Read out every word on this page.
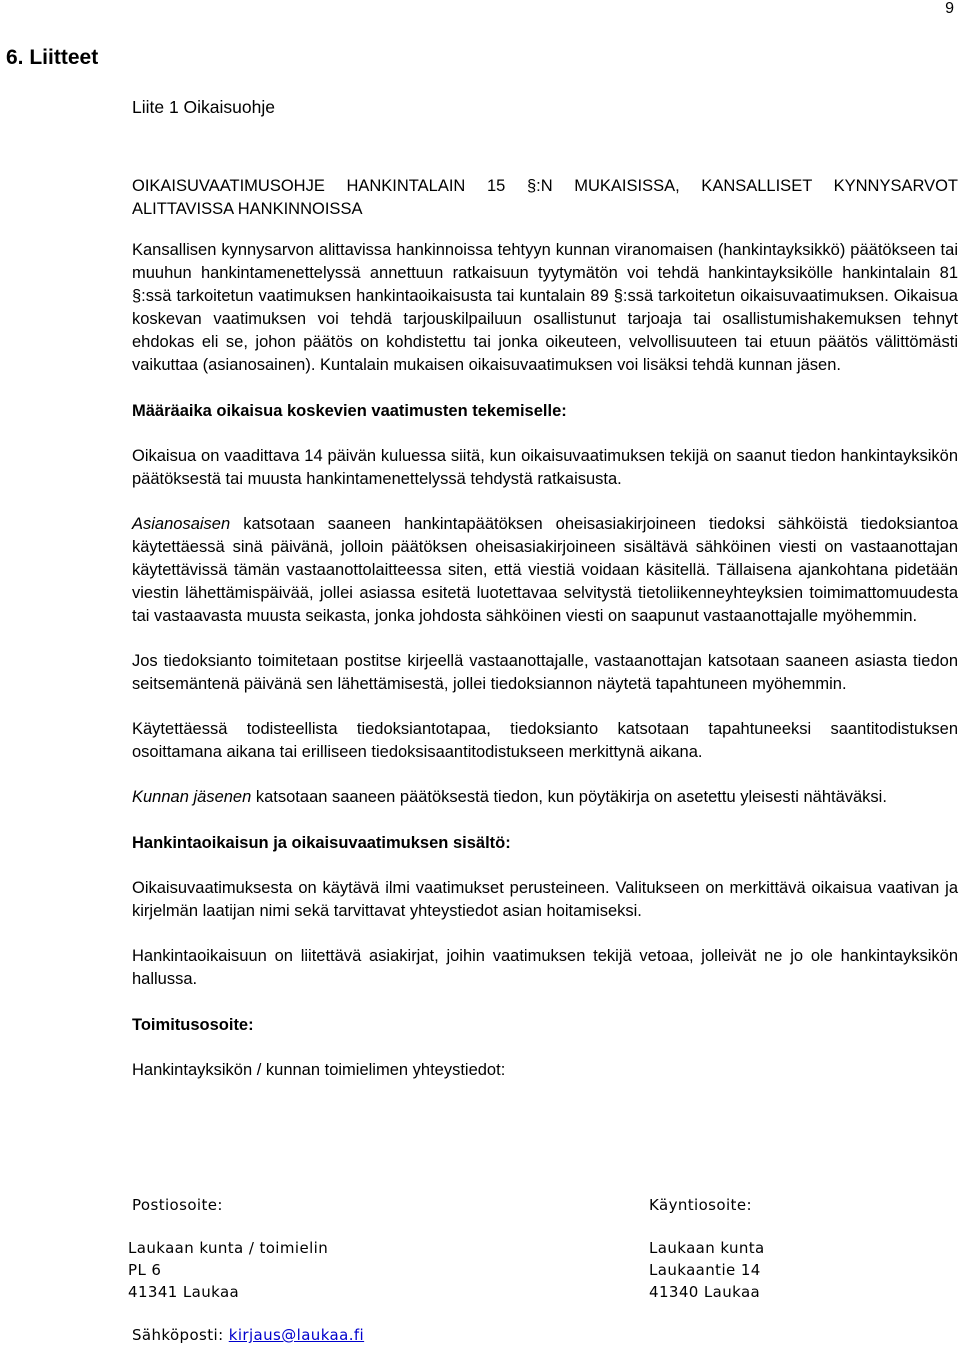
9
6. Liitteet

Liite 1 Oikaisuohje

OIKAISUVAATIMUSOHJE HANKINTALAIN 15 §:N MUKAISISSA, KANSALLISET KYNNYSARVOT ALITTAVISSA HANKINNOISSA

Kansallisen kynnysarvon alittavissa hankinnoissa tehtyyn kunnan viranomaisen (hankintayksikkö) päätökseen tai muuhun hankintamenettelyssä annettuun ratkaisuun tyytymätön voi tehdä hankintayksikölle hankintalain 81 §:ssä tarkoitetun vaatimuksen hankintaoikaisusta tai kuntalain 89 §:ssä tarkoitetun oikaisuvaatimuksen. Oikaisua koskevan vaatimuksen voi tehdä tarjouskilpailuun osallistunut tarjoaja tai osallistumishakemuksen tehnyt ehdokas eli se, johon päätös on kohdistettu tai jonka oikeuteen, velvollisuuteen tai etuun päätös välittömästi vaikuttaa (asianosainen). Kuntalain mukaisen oikaisuvaatimuksen voi lisäksi tehdä kunnan jäsen.

Määräaika oikaisua koskevien vaatimusten tekemiselle:

Oikaisua on vaadittava 14 päivän kuluessa siitä, kun oikaisuvaatimuksen tekijä on saanut tiedon hankintayksikön päätöksestä tai muusta hankintamenettelyssä tehdystä ratkaisusta.

Asianosaisen katsotaan saaneen hankintapäätöksen oheisasiakirjoineen tiedoksi sähköistä tiedoksiantoa käytettäessä sinä päivänä, jolloin päätöksen oheisasiakirjoineen sisältävä sähköinen viesti on vastaanottajan käytettävissä tämän vastaanottolaitteessa siten, että viestiä voidaan käsitellä. Tällaisena ajankohtana pidetään viestin lähettämispäivää, jollei asiassa esitetä luotettavaa selvitystä tietoliikenneyhteyksien toimimattomuudesta tai vastaavasta muusta seikasta, jonka johdosta sähköinen viesti on saapunut vastaanottajalle myöhemmin.

Jos tiedoksianto toimitetaan postitse kirjeellä vastaanottajalle, vastaanottajan katsotaan saaneen asiasta tiedon seitsemäntenä päivänä sen lähettämisestä, jollei tiedoksiannon näytetä tapahtuneen myöhemmin.

Käytettäessä todisteellista tiedoksiantotapaa, tiedoksianto katsotaan tapahtuneeksi saantitodistuksen osoittamana aikana tai erilliseen tiedoksisaantitodistukseen merkittynä aikana.

Kunnan jäsenen katsotaan saaneen päätöksestä tiedon, kun pöytäkirja on asetettu yleisesti nähtäväksi.

Hankintaoikaisun ja oikaisuvaatimuksen sisältö:

Oikaisuvaatimuksesta on käytävä ilmi vaatimukset perusteineen. Valitukseen on merkittävä oikaisua vaativan ja kirjelmän laatijan nimi sekä tarvittavat yhteystiedot asian hoitamiseksi.

Hankintaoikaisuun on liitettävä asiakirjat, joihin vaatimuksen tekijä vetoaa, jolleivät ne jo ole hankintayksikön hallussa.

Toimitusosoite:

Hankintayksikön / kunnan toimielimen yhteystiedot:

Postiosoite:
Laukaan kunta / toimielin
PL 6
41341 Laukaa
Käyntiosoite:
Laukaan kunta
Laukaantie 14
41340 Laukaa
Sähköposti: kirjaus@laukaa.fi
